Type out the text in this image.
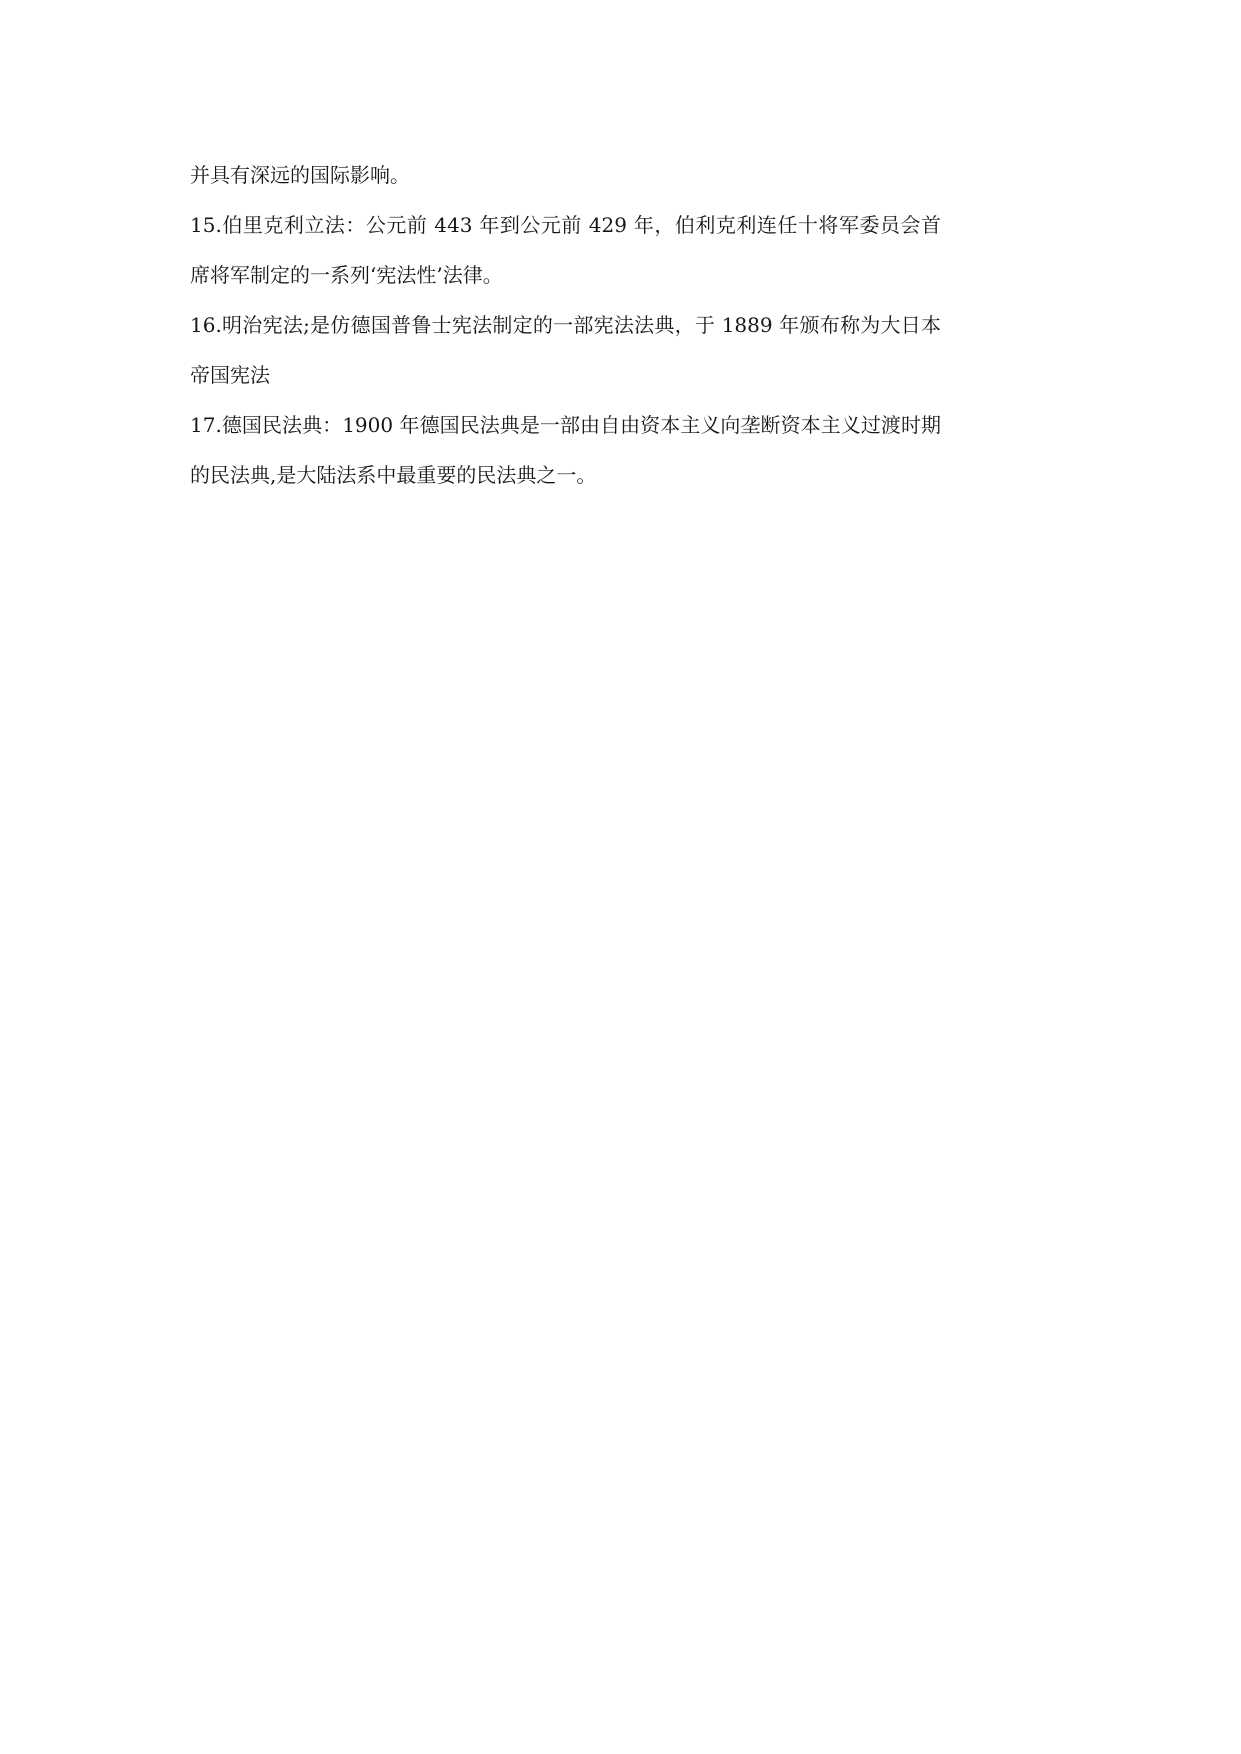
并具有深远的国际影响。

15.伯里克利立法：公元前 443 年到公元前 429 年，伯利克利连任十将军委员会首席将军制定的一系列‘宪法性’法律。

16.明治宪法;是仿德国普鲁士宪法制定的一部宪法法典，于 1889 年颁布称为大日本帝国宪法

17.德国民法典：1900 年德国民法典是一部由自由资本主义向垄断资本主义过渡时期的民法典,是大陆法系中最重要的民法典之一。
